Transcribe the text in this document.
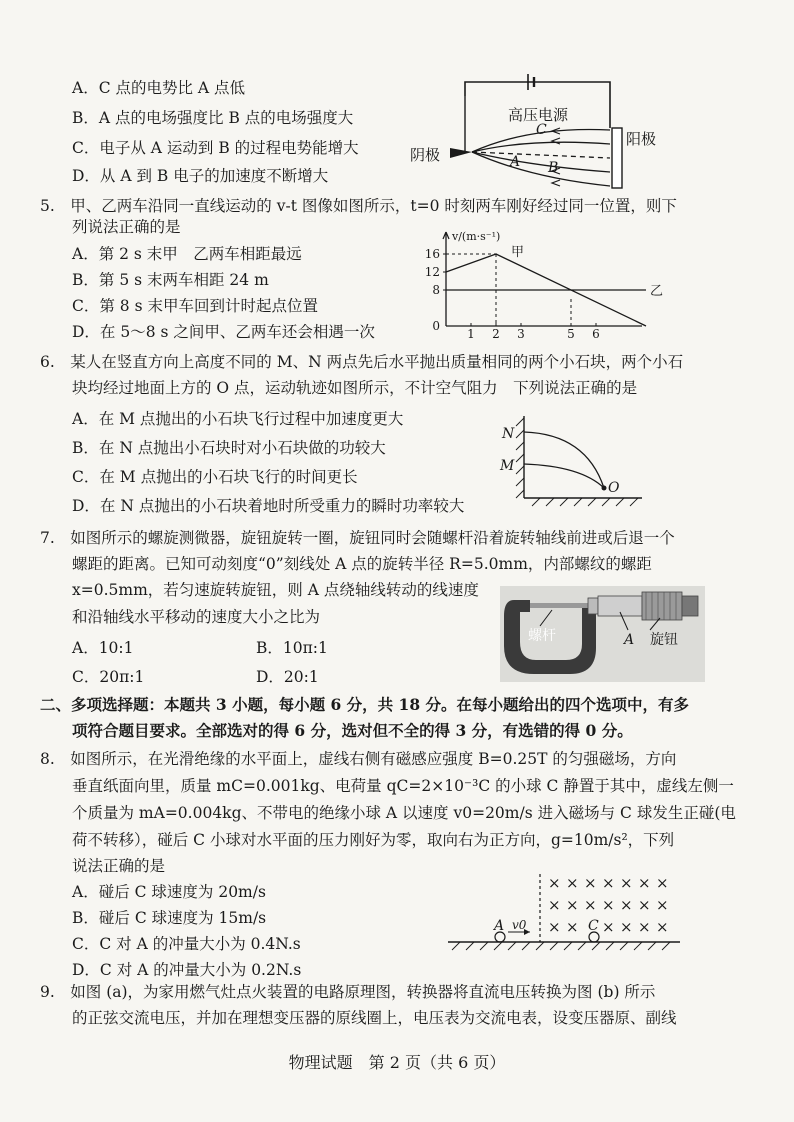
A．C 点的电势比 A 点低
B．A 点的电场强度比 B 点的电场强度大
C．电子从 A 运动到 B 的过程电势能增大
D．从 A 到 B 电子的加速度不断增大
高压电源
阴极
阳极
C
A B
5.　甲、乙两车沿同一直线运动的 v-t 图像如图所示，t=0 时刻两车刚好经过同一位置，则下
列说法正确的是
A．第 2 s 末甲　乙两车相距最远
B．第 5 s 末两车相距 24 m
C．第 8 s 末甲车回到计时起点位置
D．在 5～8 s 之间甲、乙两车还会相遇一次
v/(m·s⁻¹)
16
12
8
0
1 2 3	5 6
甲
乙
6.　某人在竖直方向上高度不同的 M、N 两点先后水平抛出质量相同的两个小石块，两个小石
块均经过地面上方的 O 点，运动轨迹如图所示，不计空气阻力　下列说法正确的是
A．在 M 点抛出的小石块飞行过程中加速度更大
B．在 N 点抛出小石块时对小石块做的功较大
C．在 M 点抛出的小石块飞行的时间更长
D．在 N 点抛出的小石块着地时所受重力的瞬时功率较大
N
M
O
7.　如图所示的螺旋测微器，旋钮旋转一圈，旋钮同时会随螺杆沿着旋转轴线前进或后退一个
螺距的距离。已知可动刻度“0”刻线处 A 点的旋转半径 R=5.0mm，内部螺纹的螺距
x=0.5mm，若匀速旋转旋钮，则 A 点绕轴线转动的线速度
和沿轴线水平移动的速度大小之比为
A．10:1	B．10π:1
C．20π:1	D．20:1
螺杆	A 旋钮
二、多项选择题：本题共 3 小题，每小题 6 分，共 18 分。在每小题给出的四个选项中，有多
项符合题目要求。全部选对的得 6 分，选对但不全的得 3 分，有选错的得 0 分。
8.　如图所示，在光滑绝缘的水平面上，虚线右侧有磁感应强度 B=0.25T 的匀强磁场，方向
垂直纸面向里，质量 mC=0.001kg、电荷量 qC=2×10⁻³C 的小球 C 静置于其中，虚线左侧一
个质量为 mA=0.004kg、不带电的绝缘小球 A 以速度 v0=20m/s 进入磁场与 C 球发生正碰(电
荷不转移），碰后 C 小球对水平面的压力刚好为零，取向右为正方向，g=10m/s²，下列
说法正确的是
A．碰后 C 球速度为 20m/s
B．碰后 C 球速度为 15m/s
C．C 对 A 的冲量大小为 0.4N.s
D．C 对 A 的冲量大小为 0.2N.s
× × × × × × ×
× × × × × × ×
× × × × × ×
A v0	C
9.　如图 (a)，为家用燃气灶点火装置的电路原理图，转换器将直流电压转换为图 (b) 所示
的正弦交流电压，并加在理想变压器的原线圈上，电压表为交流电表，设变压器原、副线
物理试题　第 2 页（共 6 页）
